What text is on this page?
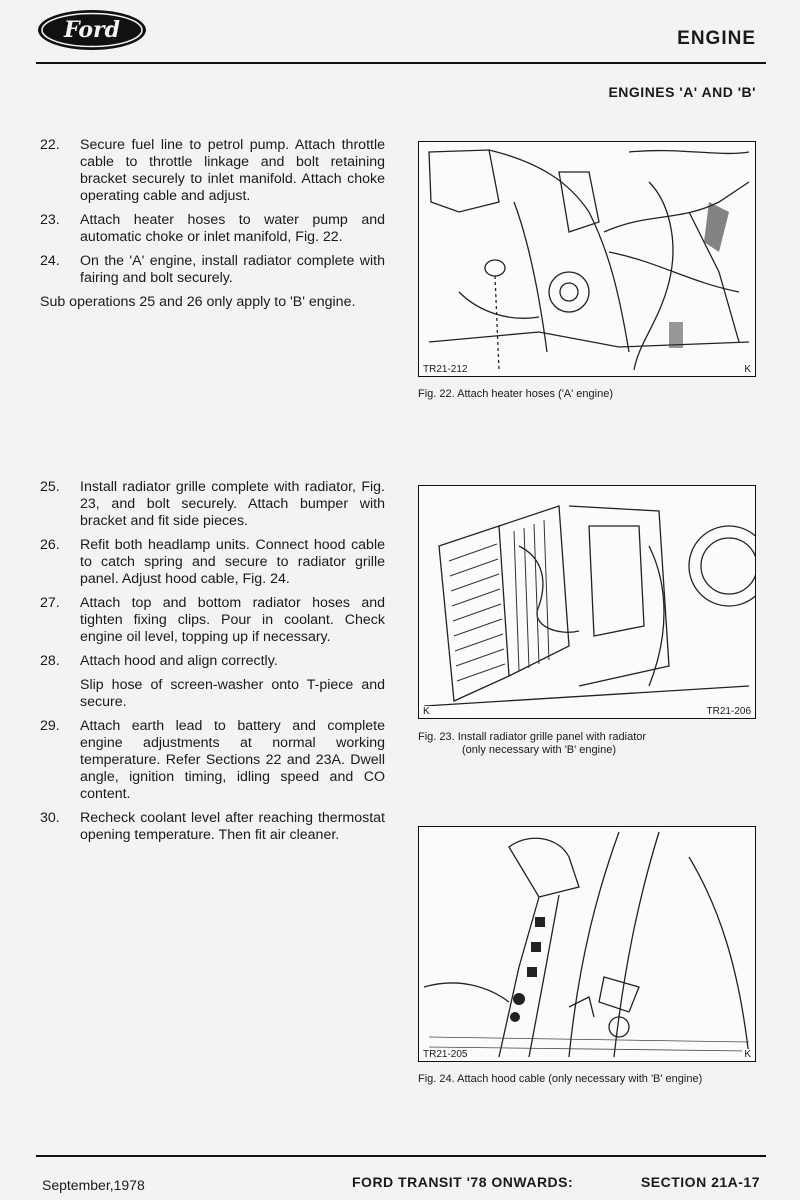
Ford	ENGINE
ENGINES 'A' AND 'B'
22.	Secure fuel line to petrol pump. Attach throttle cable to throttle linkage and bolt retaining bracket securely to inlet manifold. Attach choke operating cable and adjust.
23.	Attach heater hoses to water pump and automatic choke or inlet manifold, Fig. 22.
24.	On the 'A' engine, install radiator complete with fairing and bolt securely.
Sub operations 25 and 26 only apply to 'B' engine.
25.	Install radiator grille complete with radiator, Fig. 23, and bolt securely. Attach bumper with bracket and fit side pieces.
26.	Refit both headlamp units. Connect hood cable to catch spring and secure to radiator grille panel. Adjust hood cable, Fig. 24.
27.	Attach top and bottom radiator hoses and tighten fixing clips. Pour in coolant. Check engine oil level, topping up if necessary.
28.	Attach hood and align correctly.
Slip hose of screen-washer onto T-piece and secure.
29.	Attach earth lead to battery and complete engine adjustments at normal working temperature. Refer Sections 22 and 23A. Dwell angle, ignition timing, idling speed and CO content.
30.	Recheck coolant level after reaching thermostat opening temperature. Then fit air cleaner.
TR21-212	K
Fig. 22. Attach heater hoses ('A' engine)
K	TR21-206
Fig. 23. Install radiator grille panel with radiator
(only necessary with 'B' engine)
TR21-205	K
Fig. 24. Attach hood cable (only necessary with 'B' engine)
September,1978	FORD TRANSIT '78 ONWARDS:	SECTION 21A-17
